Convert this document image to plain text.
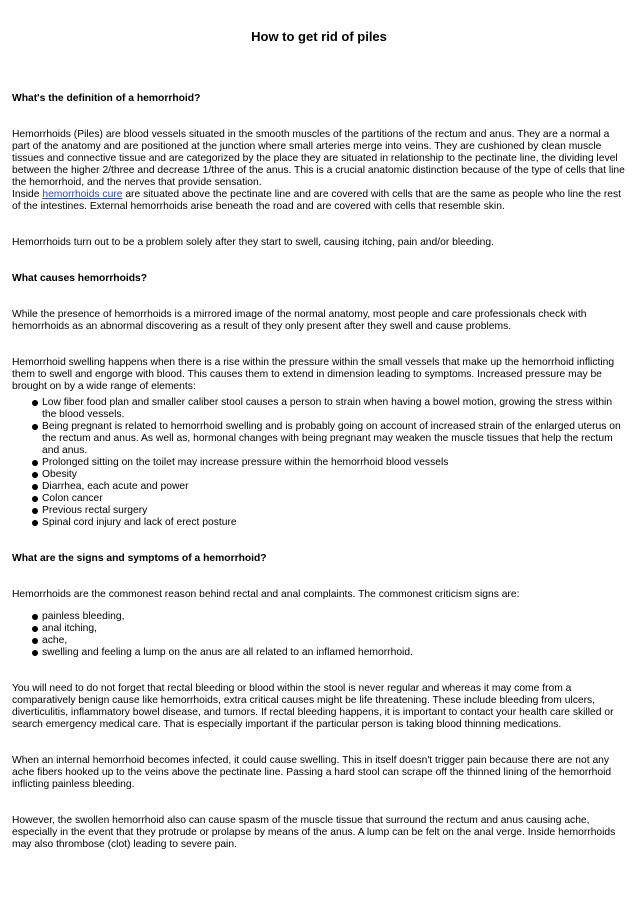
How to get rid of piles
What's the definition of a hemorrhoid?

Hemorrhoids (Piles) are blood vessels situated in the smooth muscles of the partitions of the rectum and anus. They are a normal a part of the anatomy and are positioned at the junction where small arteries merge into veins. They are cushioned by clean muscle tissues and connective tissue and are categorized by the place they are situated in relationship to the pectinate line, the dividing level between the higher 2/three and decrease 1/three of the anus. This is a crucial anatomic distinction because of the type of cells that line the hemorrhoid, and the nerves that provide sensation.

Inside hemorrhoids cure are situated above the pectinate line and are covered with cells that are the same as people who line the rest of the intestines. External hemorrhoids arise beneath the road and are covered with cells that resemble skin.

Hemorrhoids turn out to be a problem solely after they start to swell, causing itching, pain and/or bleeding.

What causes hemorrhoids?

While the presence of hemorrhoids is a mirrored image of the normal anatomy, most people and care professionals check with hemorrhoids as an abnormal discovering as a result of they only present after they swell and cause problems.

Hemorrhoid swelling happens when there is a rise within the pressure within the small vessels that make up the hemorrhoid inflicting them to swell and engorge with blood. This causes them to extend in dimension leading to symptoms. Increased pressure may be brought on by a wide range of elements:

Low fiber food plan and smaller caliber stool causes a person to strain when having a bowel motion, growing the stress within the blood vessels.
Being pregnant is related to hemorrhoid swelling and is probably going on account of increased strain of the enlarged uterus on the rectum and anus. As well as, hormonal changes with being pregnant may weaken the muscle tissues that help the rectum and anus.
Prolonged sitting on the toilet may increase pressure within the hemorrhoid blood vessels
Obesity
Diarrhea, each acute and power
Colon cancer
Previous rectal surgery
Spinal cord injury and lack of erect posture
What are the signs and symptoms of a hemorrhoid?

Hemorrhoids are the commonest reason behind rectal and anal complaints. The commonest criticism signs are:

painless bleeding,
anal itching,
ache,
swelling and feeling a lump on the anus are all related to an inflamed hemorrhoid.

You will need to do not forget that rectal bleeding or blood within the stool is never regular and whereas it may come from a comparatively benign cause like hemorrhoids, extra critical causes might be life threatening. These include bleeding from ulcers, diverticulitis, inflammatory bowel disease, and tumors. If rectal bleeding happens, it is important to contact your health care skilled or search emergency medical care. That is especially important if the particular person is taking blood thinning medications.

When an internal hemorrhoid becomes infected, it could cause swelling. This in itself doesn't trigger pain because there are not any ache fibers hooked up to the veins above the pectinate line. Passing a hard stool can scrape off the thinned lining of the hemorrhoid inflicting painless bleeding.

However, the swollen hemorrhoid also can cause spasm of the muscle tissue that surround the rectum and anus causing ache, especially in the event that they protrude or prolapse by means of the anus. A lump can be felt on the anal verge. Inside hemorrhoids may also thrombose (clot) leading to severe pain.
